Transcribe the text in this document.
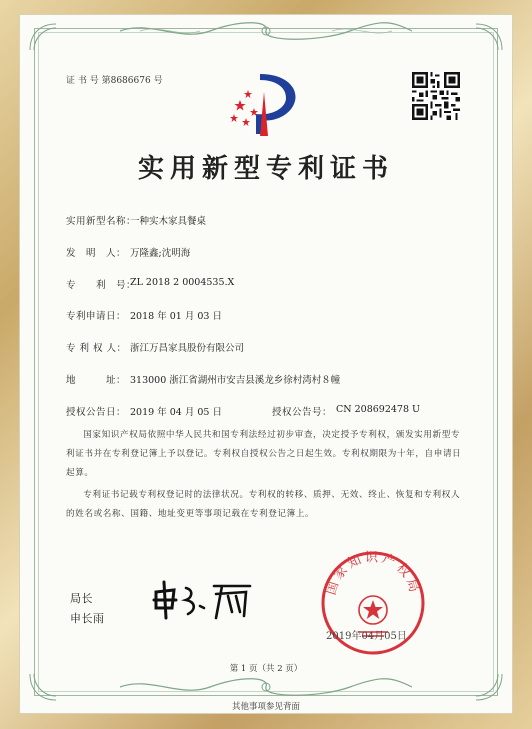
证 书 号 第8686676 号
实用新型专利证书
实用新型名称：
一种实木家具餐桌
发　明　人： 万隆鑫;沈明海
专　　利　号：
ZL 2018 2 0004535.X
专利申请日： 2018 年 01 月 03 日
专 利 权 人： 浙江万昌家具股份有限公司
地　　　址： 313000 浙江省湖州市安吉县溪龙乡徐村湾村８幢
授权公告日： 2019 年 04 月 05 日	授权公告号： CN 208692478 U
国家知识产权局依照中华人民共和国专利法经过初步审查，决定授予专利权，颁发实用新型专利证书并在专利登记簿上予以登记。专利权自授权公告之日起生效。专利权期限为十年，自申请日起算。
专利证书记载专利权登记时的法律状况。专利权的转移、质押、无效、终止、恢复和专利权人的姓名或名称、国籍、地址变更等事项记载在专利登记簿上。
局长
申长雨
国家知识产权局
2019年04月05日
第 1 页（共 2 页）
其他事项参见背面
